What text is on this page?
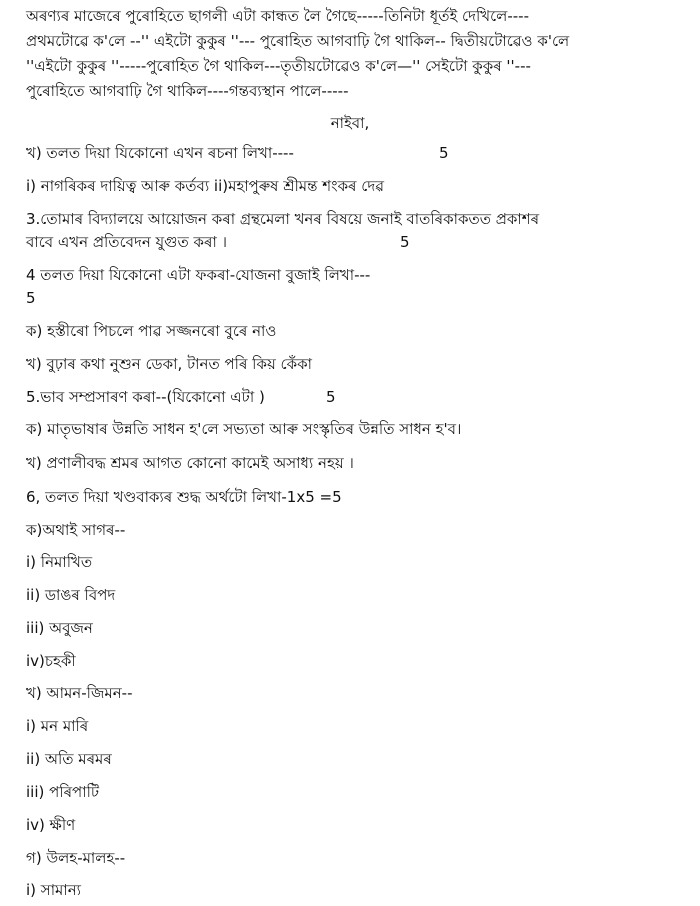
অৰণ্যৰ মাজেৰে পুৰোহিতে ছাগলী এটা কান্ধত লৈ গৈছে-----তিনিটা ধূৰ্তই দেখিলে----
প্ৰথমটোৱে ক'লে --'' এইটো কুকুৰ ''--- পুৰোহিত আগবাঢ়ি গৈ থাকিল-- দ্বিতীয়টোৱেও ক'লে
''এইটো কুকুৰ ''-----পুৰোহিত গৈ থাকিল---তৃতীয়টোৱেও ক'লে—'' সেইটো কুকুৰ ''---
পুৰোহিতে আগবাঢ়ি গৈ থাকিল----গন্তব্যস্থান পালে-----
নাইবা,
খ) তলত দিয়া যিকোনো এখন ৰচনা লিখা----	5
i) নাগৰিকৰ দায়িত্ব আৰু কৰ্তব্য ii)মহাপুৰুষ শ্ৰীমন্ত শংকৰ দেৱ
3.তোমাৰ বিদ্যালয়ে আয়োজন কৰা গ্ৰন্থমেলা খনৰ বিষয়ে জনাই বাতৰিকাকতত প্ৰকাশৰ
বাবে এখন প্ৰতিবেদন যুগুত কৰা ।	5
4 তলত দিয়া যিকোনো এটা ফকৰা-যোজনা বুজাই লিখা---
5
ক) হস্তীৰো পিচলে পাৱ সজ্জনৰো বুৰে নাও
খ) বুঢ়াৰ কথা নুশুন ডেকা, টানত পৰি কিয় কেঁকা
5.ভাব সম্প্ৰসাৰণ কৰা--(যিকোনো এটা )	5
ক) মাতৃভাষাৰ উন্নতি সাধন হ'লে সভ্যতা আৰু সংস্কৃতিৰ উন্নতি সাধন হ'ব।
খ) প্ৰণালীবদ্ধ শ্ৰমৰ আগত কোনো কামেই অসাধ্য নহয় ।
6, তলত দিয়া খণ্ডবাক্যৰ শুদ্ধ অৰ্থটো লিখা-1x5 =5
ক)অথাই সাগৰ--
i) নিমাখিত
ii) ডাঙৰ বিপদ
iii) অবুজন
iv)চহকী
খ) আমন-জিমন--
i) মন মাৰি
ii) অতি মৰমৰ
iii) পৰিপাটি
iv) ক্ষীণ
গ) উলহ-মালহ--
i) সামান্য
